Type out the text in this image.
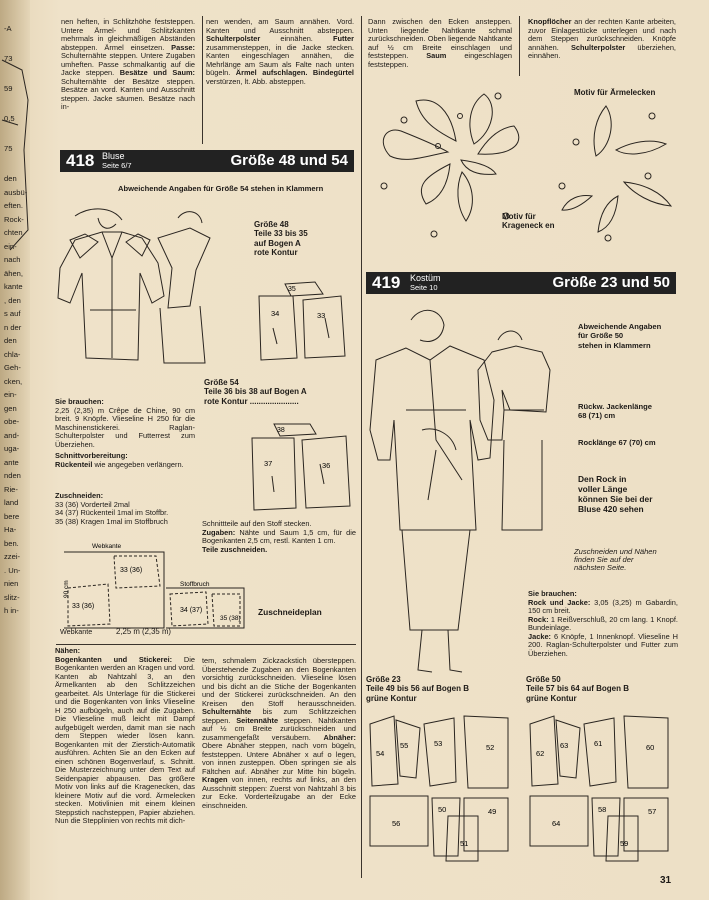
-A
73
59
0,5
75
den
ausbü-
eften.
Rock-
chten
ein-
nach
ähen,
kante
, den
s auf
n der
den
chla-
Geh-
cken,
ein-
gen
obe-
and-
uga-
ante
nden
Rie-
land
bere
Ha-
ben.
zzei-
. Un-
nien
slitz-
h in-

nen heften, in Schlitzhöhe feststeppen. Untere Ärmel- und Schlitzkanten mehrmals in gleichmäßigen Abständen absteppen. Ärmel einsetzen. Passe: Schulternähte steppen. Untere Zugaben umheften. Passe schmalkantig auf die Jacke steppen. Besätze und Saum: Schulternähte der Besätze steppen. Besätze an vord. Kanten und Ausschnitt steppen. Jacke säumen. Besätze nach in-

nen wenden, am Saum annähen. Vord. Kanten und Ausschnitt absteppen. Schulterpolster einnähen.	Futter zusammensteppen, in die Jacke stecken. Kanten eingeschlagen annähen, die Mehrlänge am Saum als Falte nach unten bügeln. Ärmel aufschlagen. Bindegürtel verstürzen, lt. Abb. absteppen.

Dann zwischen den Ecken ansteppen. Unten liegende Nahtkante schmal zurückschneiden. Oben liegende Nahtkante auf ½ cm Breite einschlagen und feststeppen. Saum eingeschlagen feststeppen.

Knopflöcher an der rechten Kante arbeiten, zuvor Einlagestücke unterlegen und nach dem Steppen zurückschneiden. Knöpfe annähen. Schulterpolster überziehen, einnähen.

Motiv für Ärmelecken
Motiv für Krageneck en
418 Bluse
Seite 6/7	Größe 48 und 54
Abweichende Angaben für Größe 54 stehen in Klammern
Größe 48
Teile 33 bis 35
auf Bogen A
rote Kontur
35
34	33
Größe 54
Teile 36 bis 38 auf Bogen A
rote Kontur ......................
38
37	36

Sie brauchen:

2,25 (2,35) m Crêpe de Chine, 90 cm breit. 9 Knöpfe. Vlieseline H 250 für die Maschinenstickerei. Raglan-Schulterpolster und Futterrest zum Überziehen.

Schnittvorbereitung:

Rückenteil wie angegeben verlängern.

Zuschneiden:

33 (36) Vorderteil 2mal

34 (37) Rückenteil 1mal im Stoffbr.

35 (38) Kragen 1mal im Stoffbruch	Schnittteile auf den Stoff stecken.

Zugaben: Nähte und Saum 1,5 cm, für die Bogenkanten 2,5 cm, restl. Kanten 1 cm.

Teile zuschneiden.

Webkante
Stoffbruch
33 (36)
33 (36)
34 (37)
35 (38)
90 cm
Webkante	2,25 m (2,35 m)
Zuschneideplan

Nähen:

Bogenkanten und Stickerei: Die Bogenkanten werden an Kragen und vord. Kanten ab Nahtzahl 3, an den Ärmelkanten ab den Schlitzzeichen gearbeitet. Als Unterlage für die Stickerei und die Bogenkanten von links Vlieseline H 250 aufbügeln, auch auf die Zugaben. Die Vlieseline muß leicht mit Dampf aufgebügelt werden, damit man sie nach dem Steppen wieder lösen kann. Bogenkanten mit der Zierstich-Automatik ausführen. Achten Sie an den Ecken auf einen schönen Bogenverlauf, s. Schnitt. Die Musterzeichnung unter dem Text auf Seidenpapier abpausen. Das größere Motiv von links auf die Kragenecken, das kleinere Motiv auf die vord. Ärmelecken stecken. Motivlinien mit einem kleinen Steppstich nachsteppen, Papier abziehen. Nun die Stepplinien von rechts mit dich-

tem, schmalem Zickzackstich übersteppen. Überstehende Zugaben an den Bogenkanten vorsichtig zurückschneiden. Vlieseline lösen und bis dicht an die Stiche der Bogenkanten und der Stickerei zurückschneiden. An den Kreisen den Stoff herausschneiden. Schulternähte bis zum Schlitzzeichen steppen. Seitennähte steppen. Nahtkanten auf ½ cm Breite zurückschneiden und zusammengefaßt versäubern. Abnäher: Obere Abnäher steppen, nach vorn bügeln, feststeppen. Untere Abnäher x auf o legen, von innen zusteppen. Oben springen sie als Fältchen auf. Abnäher zur Mitte hin bügeln. Kragen von innen, rechts auf links, an den Ausschnitt steppen: Zuerst von Nahtzahl 3 bis zur Ecke. Vorderteilzugabe an der Ecke einschneiden.

419 Kostüm
Seite 10	Größe 23 und 50
Abweichende Angaben
für Größe 50
stehen in Klammern
Rückw. Jackenlänge
68 (71) cm
Rocklänge 67 (70) cm
Den Rock in
voller Länge
können Sie bei der
Bluse 420 sehen
Zuschneiden und Nähen
finden Sie auf der
nächsten Seite.

Sie brauchen:

Rock und Jacke: 3,05 (3,25) m Gabardin, 150 cm breit.

Rock: 1 Reißverschluß, 20 cm lang. 1 Knopf. Bundeinlage.

Jacke: 6 Knöpfe, 1 Innenknopf. Vlieseline H 200. Raglan-Schulterpolster und Futter zum Überziehen.

Größe 23
Teile 49 bis 56 auf Bogen B
grüne Kontur
Größe 50
Teile 57 bis 64 auf Bogen B
grüne Kontur
54
55	53	52
56
50	49
51
62
63	61	60
64
58	57
59
31
